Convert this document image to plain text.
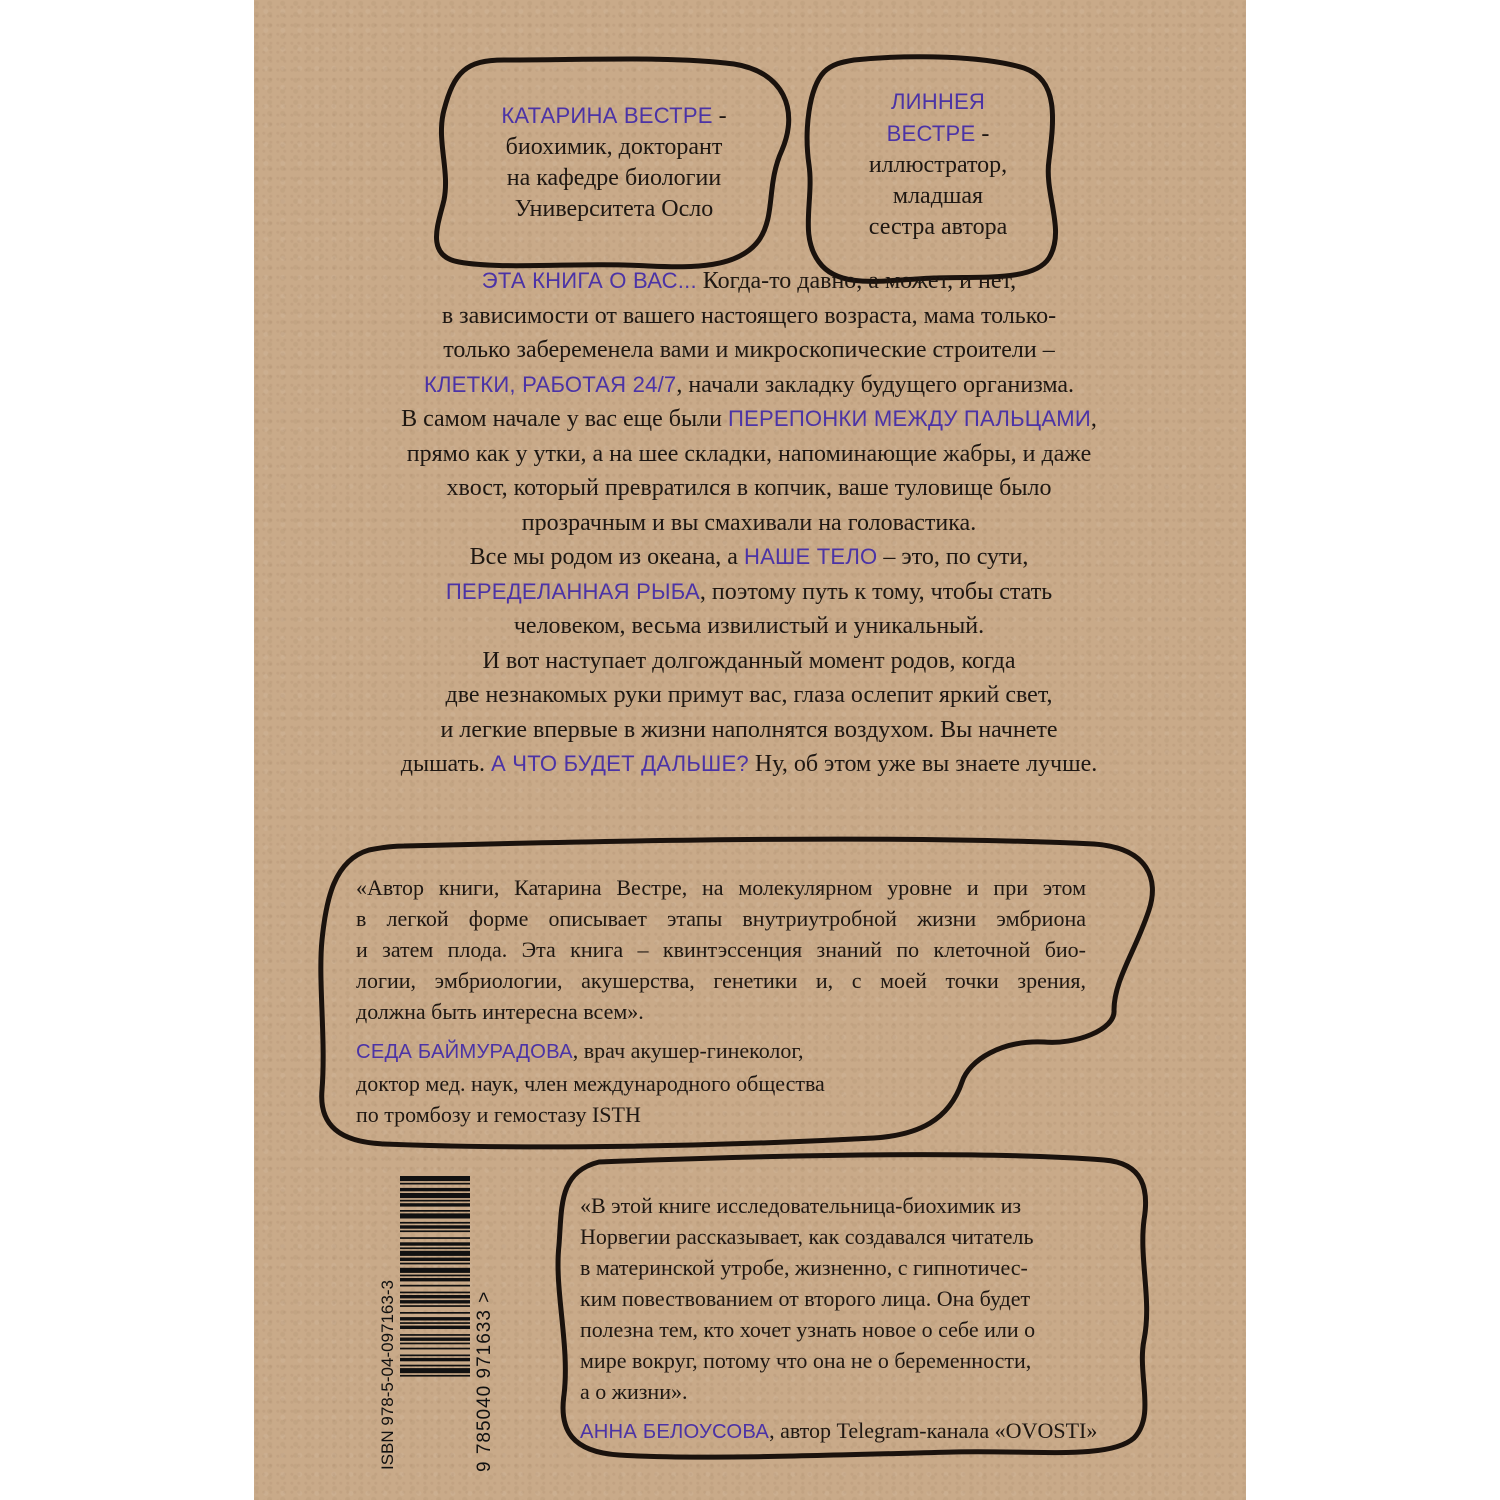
КАТАРИНА ВЕСТРЕ -
биохимик, докторант
на кафедре биологии
Университета Осло
ЛИННЕЯ
ВЕСТРЕ -
иллюстратор,
младшая
сестра автора
ЭТА КНИГА О ВАС... Когда-то давно, а может, и нет,
в зависимости от вашего настоящего возраста, мама только-
только забеременела вами и микроскопические строители –
КЛЕТКИ, РАБОТАЯ 24/7, начали закладку будущего организма.
В самом начале у вас еще были ПЕРЕПОНКИ МЕЖДУ ПАЛЬЦАМИ,
прямо как у утки, а на шее складки, напоминающие жабры, и даже
хвост, который превратился в копчик, ваше туловище было
прозрачным и вы смахивали на головастика.
Все мы родом из океана, а НАШЕ ТЕЛО – это, по сути,
ПЕРЕДЕЛАННАЯ РЫБА, поэтому путь к тому, чтобы стать
человеком, весьма извилистый и уникальный.
И вот наступает долгожданный момент родов, когда
две незнакомых руки примут вас, глаза ослепит яркий свет,
и легкие впервые в жизни наполнятся воздухом. Вы начнете
дышать. А ЧТО БУДЕТ ДАЛЬШЕ? Ну, об этом уже вы знаете лучше.
«Автор книги, Катарина Вестре, на молекулярном уровне и при этом
в легкой форме описывает этапы внутриутробной жизни эмбриона
и затем плода. Эта книга – квинтэссенция знаний по клеточной био-
логии, эмбриологии, акушерства, генетики и, с моей точки зрения,
должна быть интересна всем».
СЕДА БАЙМУРАДОВА, врач акушер-гинеколог,
доктор мед. наук, член международного общества
по тромбозу и гемостазу ISTH
«В этой книге исследовательница-биохимик из
Норвегии рассказывает, как создавался читатель
в материнской утробе, жизненно, с гипнотичес-
ким повествованием от второго лица. Она будет
полезна тем, кто хочет узнать новое о себе или о
мире вокруг, потому что она не о беременности,
а о жизни».
АННА БЕЛОУСОВА, автор Telegram-канала «OVOSTI»
ISBN 978-5-04-097163-3	9 785040 971633 >
